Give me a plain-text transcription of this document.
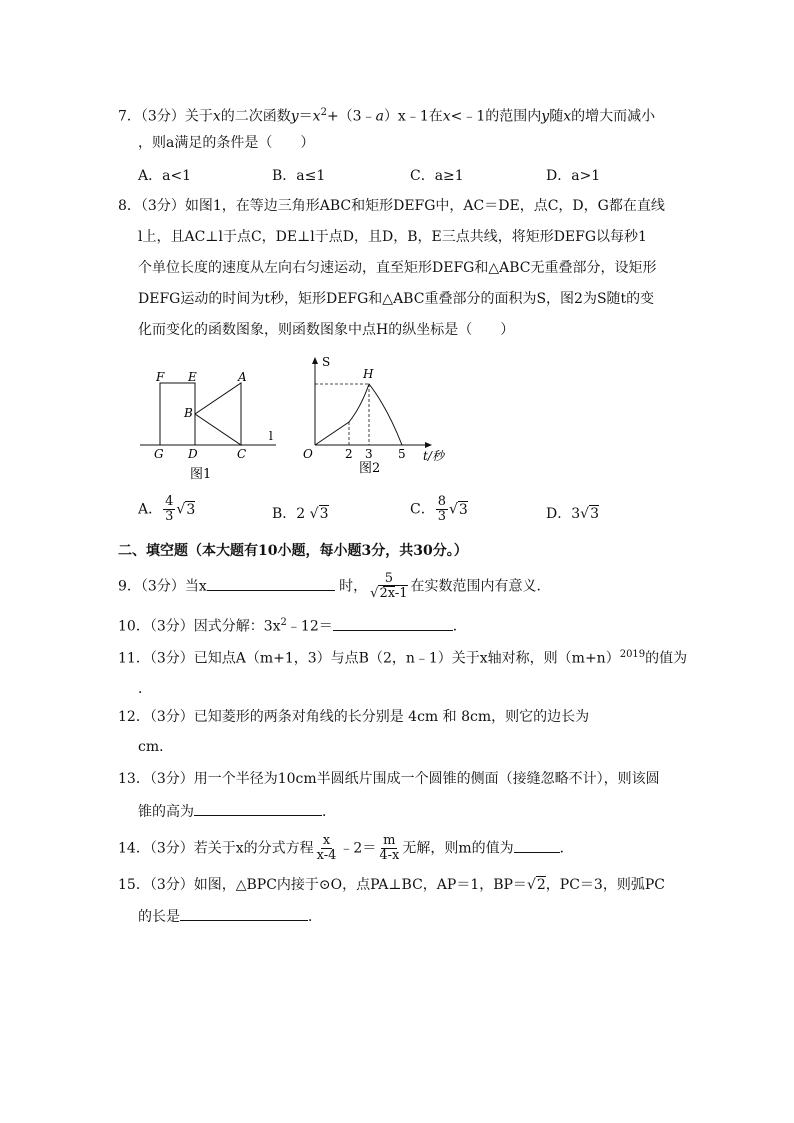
7．（3分）关于x的二次函数$y=x^2+(3﹣a)x﹣1$在x<﹣1的范围内y随x的增大而减小
，则a满足的条件是（　　）
A．a<1	B．a≤1	C．a≥1	D．a>1
8．（3分）如图1，在等边三角形ABC和矩形DEFG中，AC＝DE，点C，D，G都在直线
l上，且AC⊥l于点C，DE⊥l于点D，且D，B，E三点共线，将矩形DEFG以每秒1
个单位长度的速度从左向右匀速运动，直至矩形DEFG和△ABC无重叠部分，设矩形
DEFG运动的时间为t秒，矩形DEFG和△ABC重叠部分的面积为S，图2为S随t的变
化而变化的函数图象，则函数图象中点H的纵坐标是（　　）
F E	A
B
G D	C
l
图1
S
H
O	2 3 5 t/秒
图2
A． $\frac{4}{3} √3$	B．2 √3	C． $\frac{8}{3} √3$	D．3√3
二、填空题（本大题有10小题，每小题3分，共30分。）
9．（3分）当x	时， $\frac{5}{√2x-1}$ 在实数范围内有意义．
10．（3分）因式分解：$3x^2﹣12=$	．
11．（3分）已知点A（m+1，3）与点B（2，n﹣1）关于x轴对称，则$(m+n)^{2019}$的值为
．
12．（3分）已知菱形的两条对角线的长分别是 4cm 和 8cm，则它的边长为
cm．
13．（3分）用一个半径为10cm半圆纸片围成一个圆锥的侧面（接缝忽略不计），则该圆
锥的高为	．
14．（3分）若关于x的分式方程 $\frac{x}{x-4}$ ﹣2＝ $\frac{m}{4-x}$ 无解，则m的值为	．
15．（3分）如图，△BPC内接于⊙O，点PA⊥BC，AP＝1，BP＝√2，PC＝3，则弧PC
的长是	．
